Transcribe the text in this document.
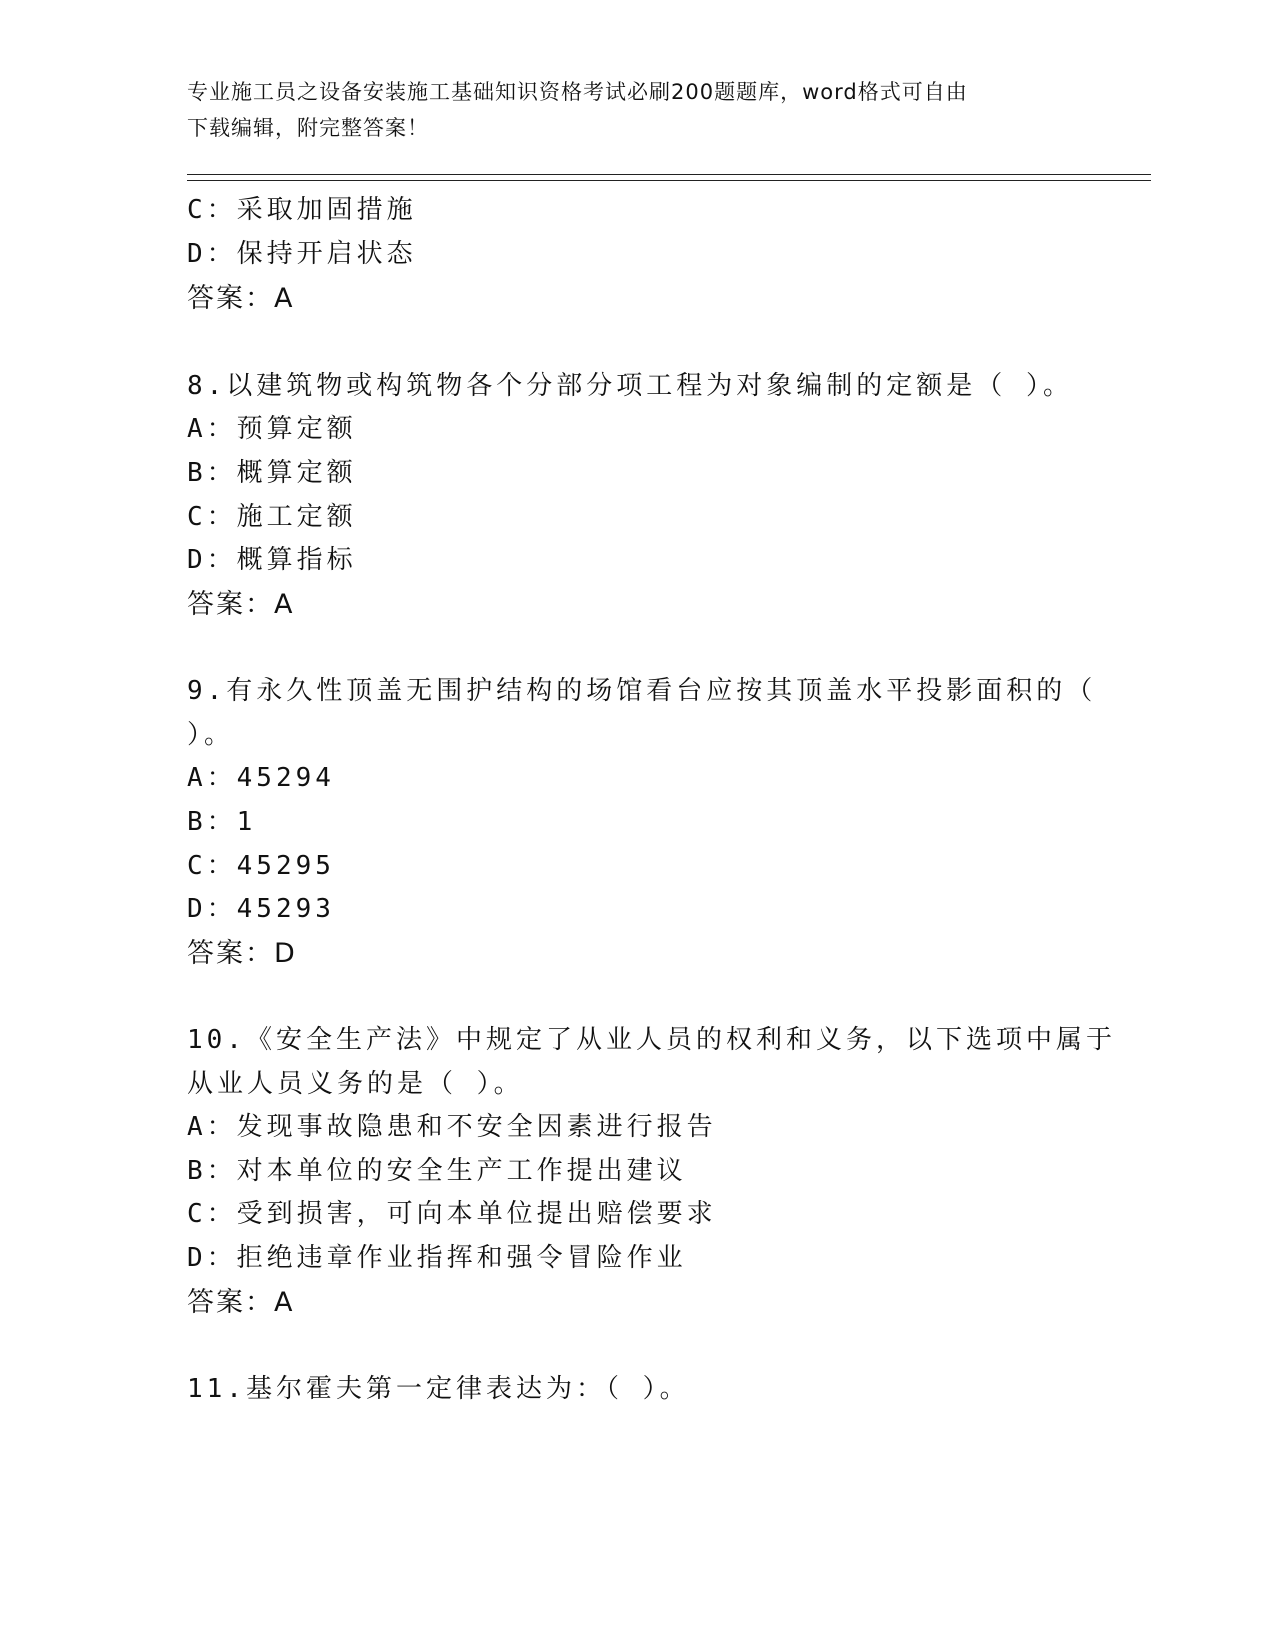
专业施工员之设备安装施工基础知识资格考试必刷200题题库，word格式可自由
下载编辑，附完整答案！
C：采取加固措施
D：保持开启状态
答案：A
8.以建筑物或构筑物各个分部分项工程为对象编制的定额是（ ）。
A：预算定额
B：概算定额
C：施工定额
D：概算指标
答案：A
9.有永久性顶盖无围护结构的场馆看台应按其顶盖水平投影面积的（
）。
A：45294
B：1
C：45295
D：45293
答案：D
10.《安全生产法》中规定了从业人员的权利和义务，以下选项中属于
从业人员义务的是（ ）。
A：发现事故隐患和不安全因素进行报告
B：对本单位的安全生产工作提出建议
C：受到损害，可向本单位提出赔偿要求
D：拒绝违章作业指挥和强令冒险作业
答案：A
11.基尔霍夫第一定律表达为：（ ）。
